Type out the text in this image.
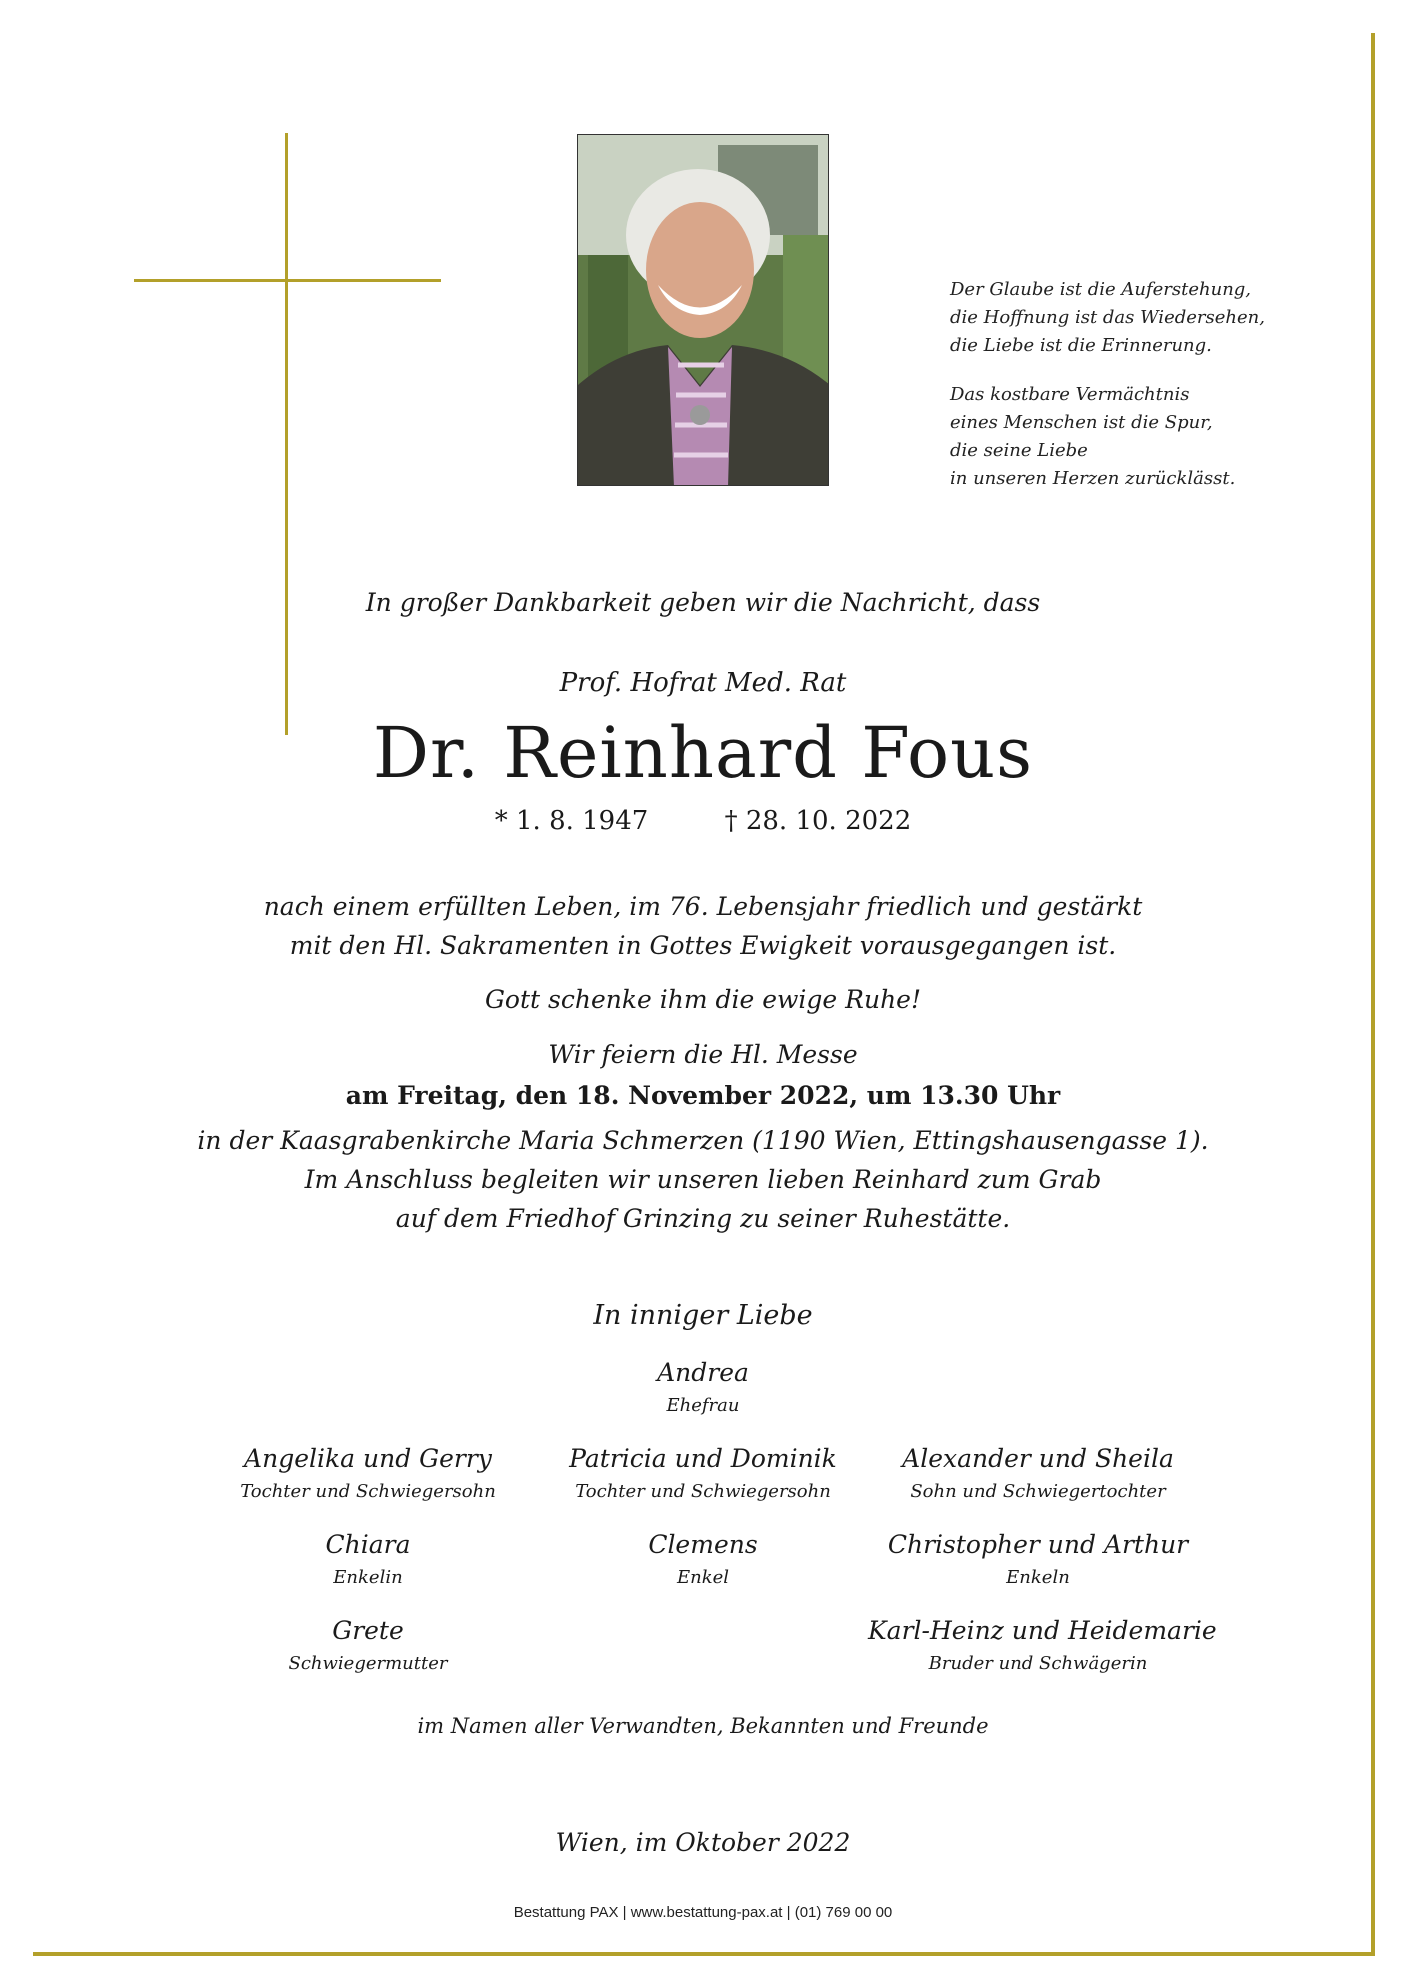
Der Glaube ist die Auferstehung,
die Hoffnung ist das Wiedersehen,
die Liebe ist die Erinnerung.
Das kostbare Vermächtnis
eines Menschen ist die Spur,
die seine Liebe
in unseren Herzen zurücklässt.
In großer Dankbarkeit geben wir die Nachricht, dass
Prof. Hofrat Med. Rat
Dr. Reinhard Fous
* 1. 8. 1947	† 28. 10. 2022
nach einem erfüllten Leben, im 76. Lebensjahr friedlich und gestärkt
mit den Hl. Sakramenten in Gottes Ewigkeit vorausgegangen ist.
Gott schenke ihm die ewige Ruhe!
Wir feiern die Hl. Messe
am Freitag, den 18. November 2022, um 13.30 Uhr
in der Kaasgrabenkirche Maria Schmerzen (1190 Wien, Ettingshausengasse 1).
Im Anschluss begleiten wir unseren lieben Reinhard zum Grab
auf dem Friedhof Grinzing zu seiner Ruhestätte.
In inniger Liebe
Andrea
Ehefrau
Angelika und Gerry
Tochter und Schwiegersohn
Patricia und Dominik
Tochter und Schwiegersohn
Alexander und Sheila
Sohn und Schwiegertochter
Chiara
Enkelin
Clemens
Enkel
Christopher und Arthur
Enkeln
Grete
Schwiegermutter
Karl-Heinz und Heidemarie
Bruder und Schwägerin
im Namen aller Verwandten, Bekannten und Freunde
Wien, im Oktober 2022
Bestattung PAX | www.bestattung-pax.at | (01) 769 00 00
